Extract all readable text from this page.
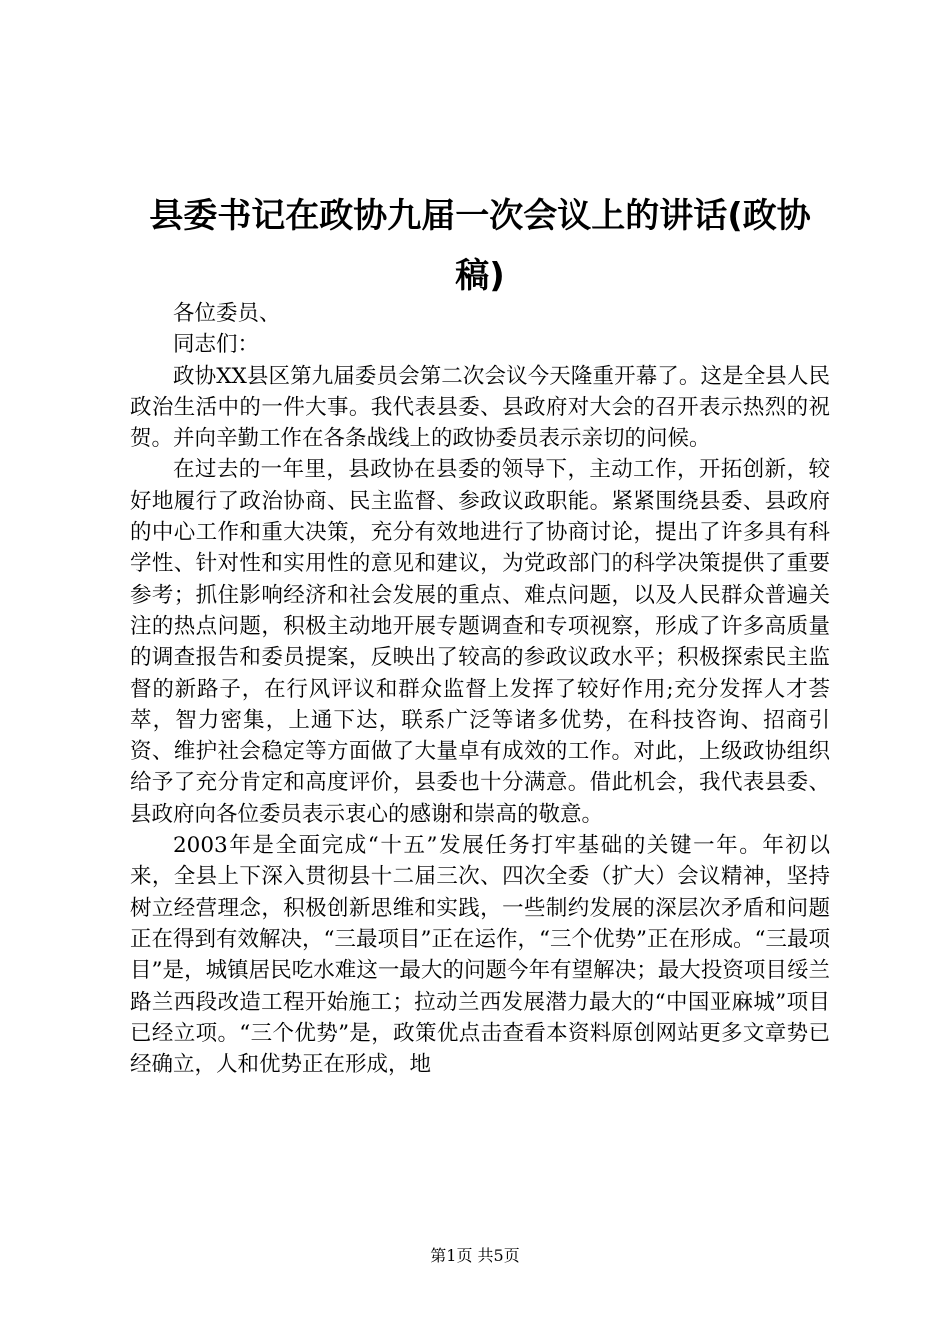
县委书记在政协九届一次会议上的讲话(政协稿)

各位委员、

同志们：

政协XX县区第九届委员会第二次会议今天隆重开幕了。这是全县人民政治生活中的一件大事。我代表县委、县政府对大会的召开表示热烈的祝贺。并向辛勤工作在各条战线上的政协委员表示亲切的问候。

在过去的一年里，县政协在县委的领导下，主动工作，开拓创新，较好地履行了政治协商、民主监督、参政议政职能。紧紧围绕县委、县政府的中心工作和重大决策，充分有效地进行了协商讨论，提出了许多具有科学性、针对性和实用性的意见和建议，为党政部门的科学决策提供了重要参考；抓住影响经济和社会发展的重点、难点问题，以及人民群众普遍关注的热点问题，积极主动地开展专题调查和专项视察，形成了许多高质量的调查报告和委员提案，反映出了较高的参政议政水平；积极探索民主监督的新路子，在行风评议和群众监督上发挥了较好作用;充分发挥人才荟萃，智力密集，上通下达，联系广泛等诸多优势，在科技咨询、招商引资、维护社会稳定等方面做了大量卓有成效的工作。对此，上级政协组织给予了充分肯定和高度评价，县委也十分满意。借此机会，我代表县委、县政府向各位委员表示衷心的感谢和崇高的敬意。

2003年是全面完成“十五”发展任务打牢基础的关键一年。年初以来，全县上下深入贯彻县十二届三次、四次全委（扩大）会议精神，坚持树立经营理念，积极创新思维和实践，一些制约发展的深层次矛盾和问题正在得到有效解决，“三最项目”正在运作，“三个优势”正在形成。“三最项目”是，城镇居民吃水难这一最大的问题今年有望解决；最大投资项目绥兰路兰西段改造工程开始施工；拉动兰西发展潜力最大的“中国亚麻城”项目已经立项。“三个优势”是，政策优点击查看本资料原创网站更多文章势已经确立，人和优势正在形成，地

第1页 共5页
